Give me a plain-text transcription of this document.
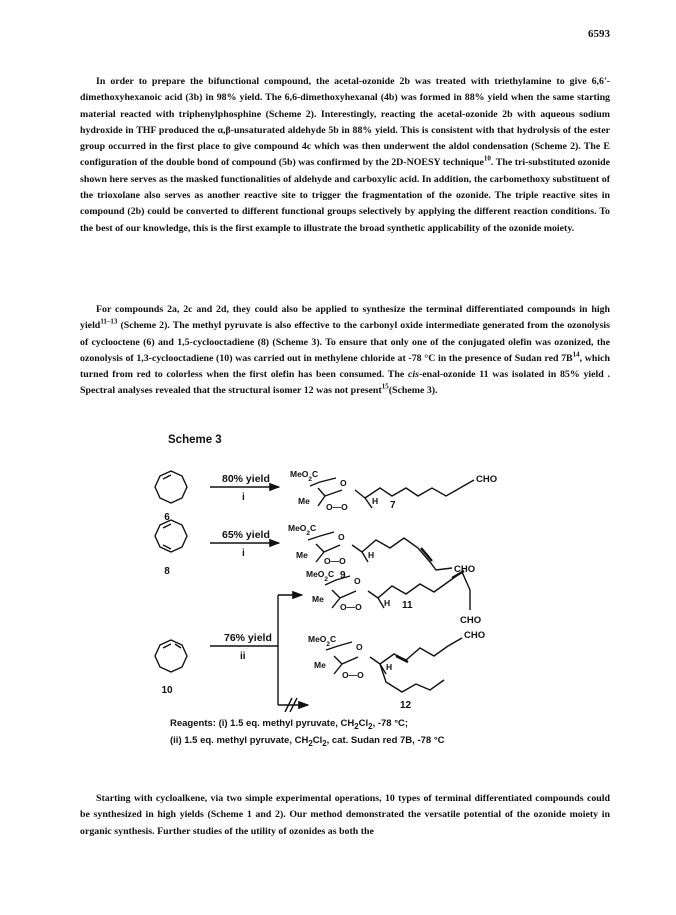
6593

In order to prepare the bifunctional compound, the acetal-ozonide 2b was treated with triethylamine to give 6,6'-dimethoxyhexanoic acid (3b) in 98% yield. The 6,6-dimethoxyhexanal (4b) was formed in 88% yield when the same starting material reacted with triphenylphosphine (Scheme 2). Interestingly, reacting the acetal-ozonide 2b with aqueous sodium hydroxide in THF produced the α,β-unsaturated aldehyde 5b in 88% yield. This is consistent with that hydrolysis of the ester group occurred in the first place to give compound 4c which was then underwent the aldol condensation (Scheme 2). The E configuration of the double bond of compound (5b) was confirmed by the 2D-NOESY technique$^{10}$. The tri-substituted ozonide shown here serves as the masked functionalities of aldehyde and carboxylic acid. In addition, the carbomethoxy substituent of the trioxolane also serves as another reactive site to trigger the fragmentation of the ozonide. The triple reactive sites in compound (2b) could be converted to different functional groups selectively by applying the different reaction conditions. To the best of our knowledge, this is the first example to illustrate the broad synthetic applicability of the ozonide moiety.

For compounds 2a, 2c and 2d, they could also be applied to synthesize the terminal differentiated compounds in high yield$^{11-13}$ (Scheme 2). The methyl pyruvate is also effective to the carbonyl oxide intermediate generated from the ozonolysis of cyclooctene (6) and 1,5-cyclooctadiene (8) (Scheme 3). To ensure that only one of the conjugated olefin was ozonized, the ozonolysis of 1,3-cyclooctadiene (10) was carried out in methylene chloride at -78 °C in the presence of Sudan red $7B^{14}$, which turned from red to colorless when the first olefin has been consumed. The cis-enal-ozonide 11 was isolated in 85% yield . Spectral analyses revealed that the structural isomer 12 was not present$^{15}$(Scheme 3).

Scheme 3
6
80% yield
i
MeO$_2$C
O
Me
O—O
H 7
CHO
8
65% yield
i
MeO$_2$C
O
Me
O—O
H
9
CHO
10
76% yield
ii
MeO$_2$C
O
Me
O—O	H 11
CHO
MeO$_2$C
O
Me
O—O
H
12
CHO
Reagents: (i) 1.5 eq. methyl pyruvate, $CH_2Cl_2$, -78 °C;
(ii) 1.5 eq. methyl pyruvate, $CH_2Cl_2$, cat. Sudan red 7B, -78 °C

Starting with cycloalkene, via two simple experimental operations, 10 types of terminal differentiated compounds could be synthesized in high yields (Scheme 1 and 2). Our method demonstrated the versatile potential of the ozonide moiety in organic synthesis. Further studies of the utility of ozonides as both the
